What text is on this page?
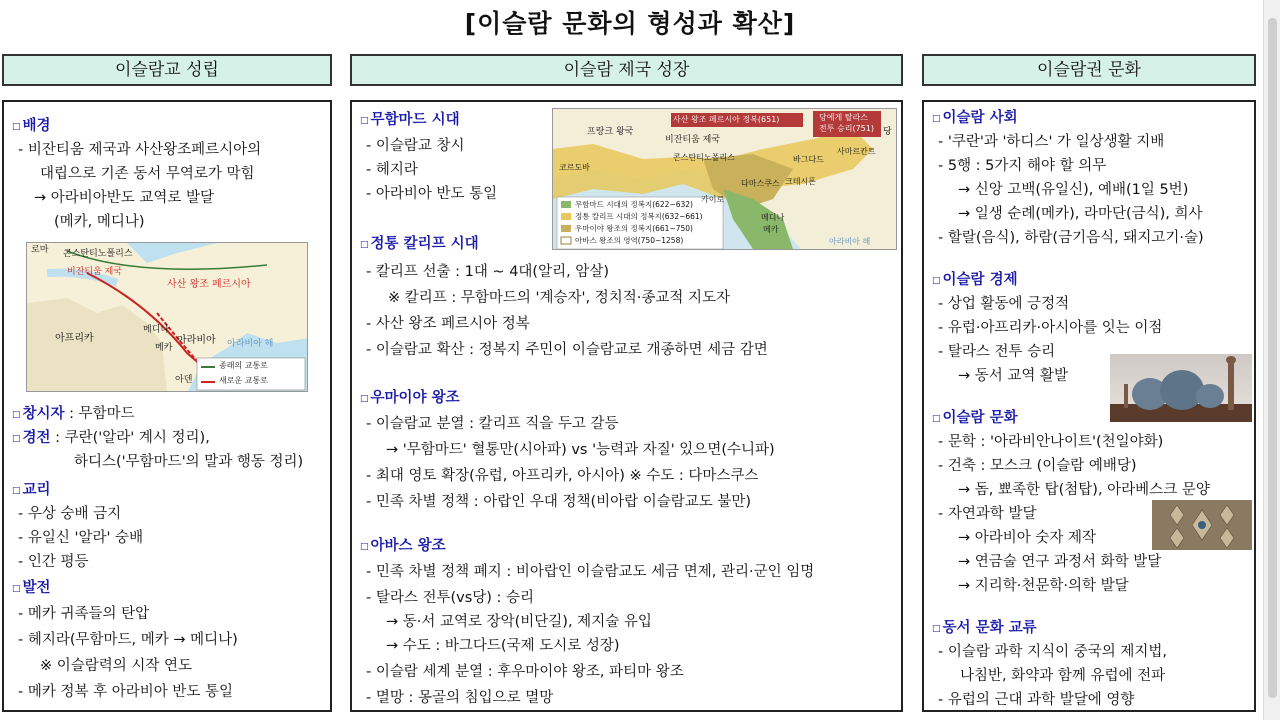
[이슬람 문화의 형성과 확산]
이슬람교 성립	이슬람 제국 성장	이슬람권 문화
□ 배경
- 비잔티움 제국과 사산왕조페르시아의
대립으로 기존 동서 무역로가 막힘
→ 아라비아반도 교역로 발달
(메카, 메디나)
로마 콘스탄티노폴리스
비잔티움 제국
사산 왕조 페르시아
아프리카
메디나
메카
아라비아
아덴
아라비아 해
종래의 교통로
새로운 교통로
□ 창시자 : 무함마드
□ 경전 : 쿠란('알라' 계시 정리),
하디스('무함마드'의 말과 행동 정리)
□ 교리
- 우상 숭배 금지
- 유일신 '알라' 숭배
- 인간 평등
□ 발전
- 메카 귀족들의 탄압
- 헤지라(무함마드, 메카 → 메디나)
※ 이슬람력의 시작 연도
- 메카 정복 후 아라비아 반도 통일
□ 무함마드 시대
- 이슬람교 창시
- 헤지라
- 아라비아 반도 통일
사산 왕조 페르시아 정복(651)	당에게 탈라스
전투 승리(751)
프랑크 왕국
비잔티움 제국
콘스탄티노폴리스
코르도바
다마스쿠스 크테시폰
카이로
메디나
메카
사마르칸트
당
바그다드
아라비아 해
무함마드 시대의 정복지(622~632)
정통 칼리프 시대의 정복지(632~661)
우마이야 왕조의 정복지(661~750)
아바스 왕조의 영역(750~1258)
□ 정통 칼리프 시대
- 칼리프 선출 : 1대 ~ 4대(알리, 암살)
※ 칼리프 : 무함마드의 '계승자', 정치적·종교적 지도자
- 사산 왕조 페르시아 정복
- 이슬람교 확산 : 정복지 주민이 이슬람교로 개종하면 세금 감면
□ 우마이야 왕조
- 이슬람교 분열 : 칼리프 직을 두고 갈등
→ '무함마드' 혈통만(시아파) vs '능력과 자질' 있으면(수니파)
- 최대 영토 확장(유럽, 아프리카, 아시아) ※ 수도 : 다마스쿠스
- 민족 차별 정책 : 아랍인 우대 정책(비아랍 이슬람교도 불만)
□ 아바스 왕조
- 민족 차별 정책 폐지 : 비아랍인 이슬람교도 세금 면제, 관리·군인 임명
- 탈라스 전투(vs당) : 승리
→ 동·서 교역로 장악(비단길), 제지술 유입
→ 수도 : 바그다드(국제 도시로 성장)
- 이슬람 세계 분열 : 후우마이야 왕조, 파티마 왕조
- 멸망 : 몽골의 침입으로 멸망
□ 이슬람 사회
- '쿠란'과 '하디스' 가 일상생활 지배
- 5행 : 5가지 해야 할 의무
→ 신앙 고백(유일신), 예배(1일 5번)
→ 일생 순례(메카), 라마단(금식), 희사
- 할랄(음식), 하람(금기음식, 돼지고기·술)
□ 이슬람 경제
- 상업 활동에 긍정적
- 유럽·아프리카·아시아를 잇는 이점
- 탈라스 전투 승리
→ 동서 교역 활발
□ 이슬람 문화
- 문학 : '아라비안나이트'(천일야화)
- 건축 : 모스크 (이슬람 예배당)
→ 돔, 뾰족한 탑(첨탑), 아라베스크 문양
- 자연과학 발달
→ 아라비아 숫자 제작
→ 연금술 연구 과정서 화학 발달
→ 지리학·천문학·의학 발달
□ 동서 문화 교류
- 이슬람 과학 지식이 중국의 제지법,
나침반, 화약과 함께 유럽에 전파
- 유럽의 근대 과학 발달에 영향
